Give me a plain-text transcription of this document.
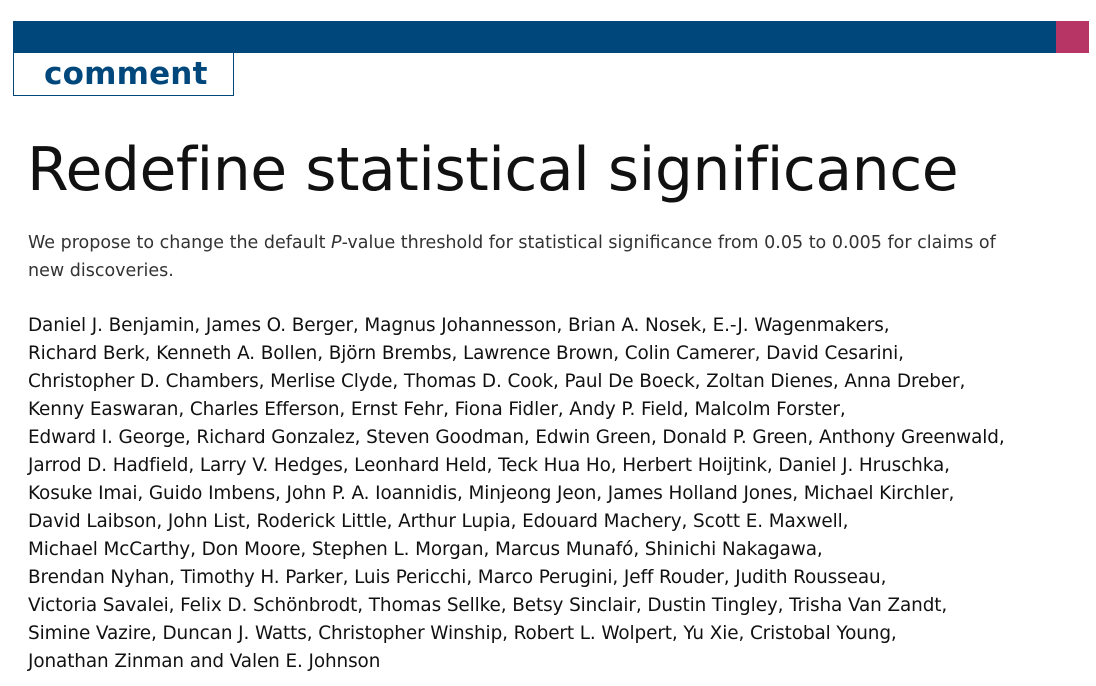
comment
Redefine statistical significance

We propose to change the default P-value threshold for statistical significance from 0.05 to 0.005 for claims of
new discoveries.

Daniel J. Benjamin, James O. Berger, Magnus Johannesson, Brian A. Nosek, E.-J. Wagenmakers,
Richard Berk, Kenneth A. Bollen, Björn Brembs, Lawrence Brown, Colin Camerer, David Cesarini,
Christopher D. Chambers, Merlise Clyde, Thomas D. Cook, Paul De Boeck, Zoltan Dienes, Anna Dreber,
Kenny Easwaran, Charles Efferson, Ernst Fehr, Fiona Fidler, Andy P. Field, Malcolm Forster,
Edward I. George, Richard Gonzalez, Steven Goodman, Edwin Green, Donald P. Green, Anthony Greenwald,
Jarrod D. Hadfield, Larry V. Hedges, Leonhard Held, Teck Hua Ho, Herbert Hoijtink, Daniel J. Hruschka,
Kosuke Imai, Guido Imbens, John P. A. Ioannidis, Minjeong Jeon, James Holland Jones, Michael Kirchler,
David Laibson, John List, Roderick Little, Arthur Lupia, Edouard Machery, Scott E. Maxwell,
Michael McCarthy, Don Moore, Stephen L. Morgan, Marcus Munafó, Shinichi Nakagawa,
Brendan Nyhan, Timothy H. Parker, Luis Pericchi, Marco Perugini, Jeff Rouder, Judith Rousseau,
Victoria Savalei, Felix D. Schönbrodt, Thomas Sellke, Betsy Sinclair, Dustin Tingley, Trisha Van Zandt,
Simine Vazire, Duncan J. Watts, Christopher Winship, Robert L. Wolpert, Yu Xie, Cristobal Young,
Jonathan Zinman and Valen E. Johnson
